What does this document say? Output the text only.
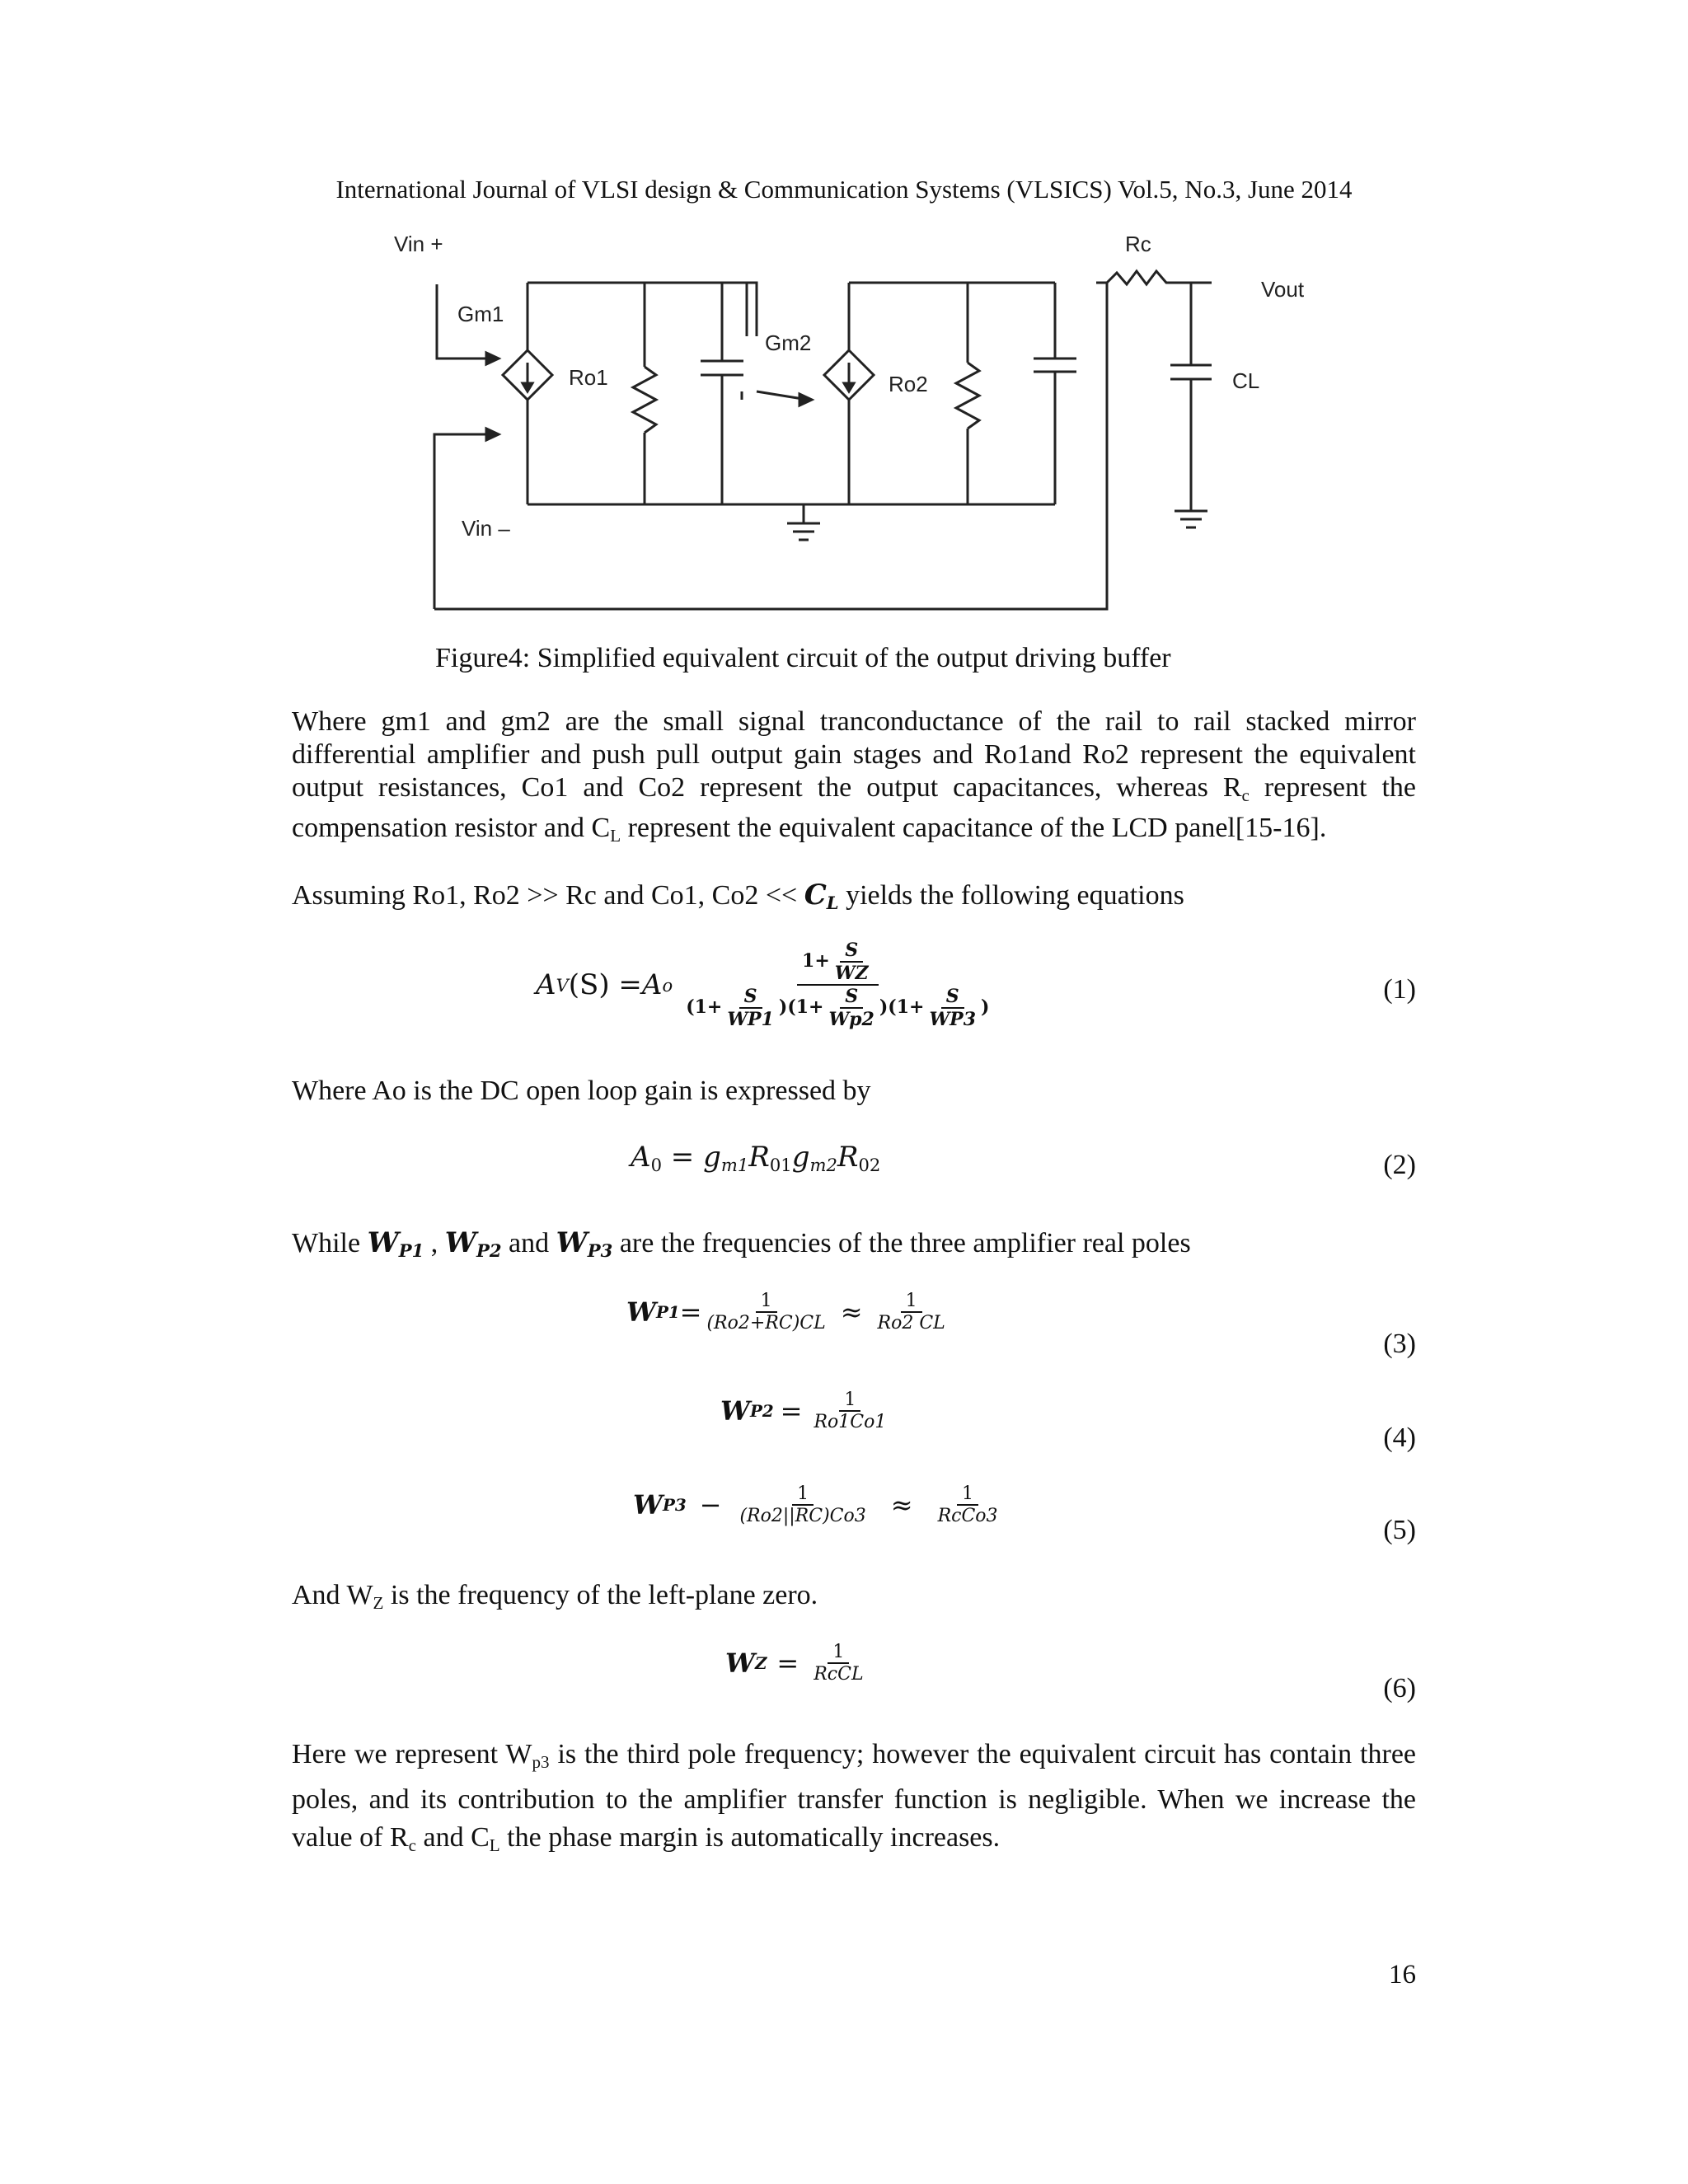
International Journal of VLSI design & Communication Systems (VLSICS) Vol.5, No.3, June 2014
Vin +
Gm1
Ro1
Gm2
Ro2
Vin –
Rc
Vout
CL
Figure4: Simplified equivalent circuit of the output driving buffer
Where gm1 and gm2 are the small signal tranconductance of the rail to rail stacked mirror differential amplifier and push pull output gain stages and Ro1and Ro2 represent the equivalent output resistances, Co1 and Co2 represent the output capacitances, whereas $R_c$ represent the compensation resistor and $C_L$ represent the equivalent capacitance of the LCD panel[15-16].
Assuming Ro1, Ro2 >> Rc and Co1, $Co2 << C_L$ yields the following equations
A V (S) = A o $\frac{1+ \frac{S}{WZ}}{(1+ \frac{S}{WP1} )(1+ \frac{S}{Wp2} )(1+ \frac{S}{WP3} )}$	(1)
Where Ao is the DC open loop gain is expressed by
$A_0 = g_{m1}R_{01}g_{m2}R_{02}$	(2)
While $W_{P1}$ , $W_{P2}$ and $W_{P3}$ are the frequencies of the three amplifier real poles
W $P1 = \frac{1}{(Ro2+RC)CL} \approx \frac{1}{Ro2 CL}$
(3)
W $P2 = \frac{1}{Ro1Co1}$
(4)
W $P3 - \frac{1}{(Ro2||RC)Co3} \approx \frac{1}{\text{RcCo3}}$
(5)
And $W_Z$ is the frequency of the left-plane zero.
W $Z = \frac{1}{\text{RcCL}}$
(6)
Here we represent $W_{p3}$ is the third pole frequency; however the equivalent circuit has contain three poles, and its contribution to the amplifier transfer function is negligible. When we increase the value of $R_c$ and $C_L$ the phase margin is automatically increases.
16
